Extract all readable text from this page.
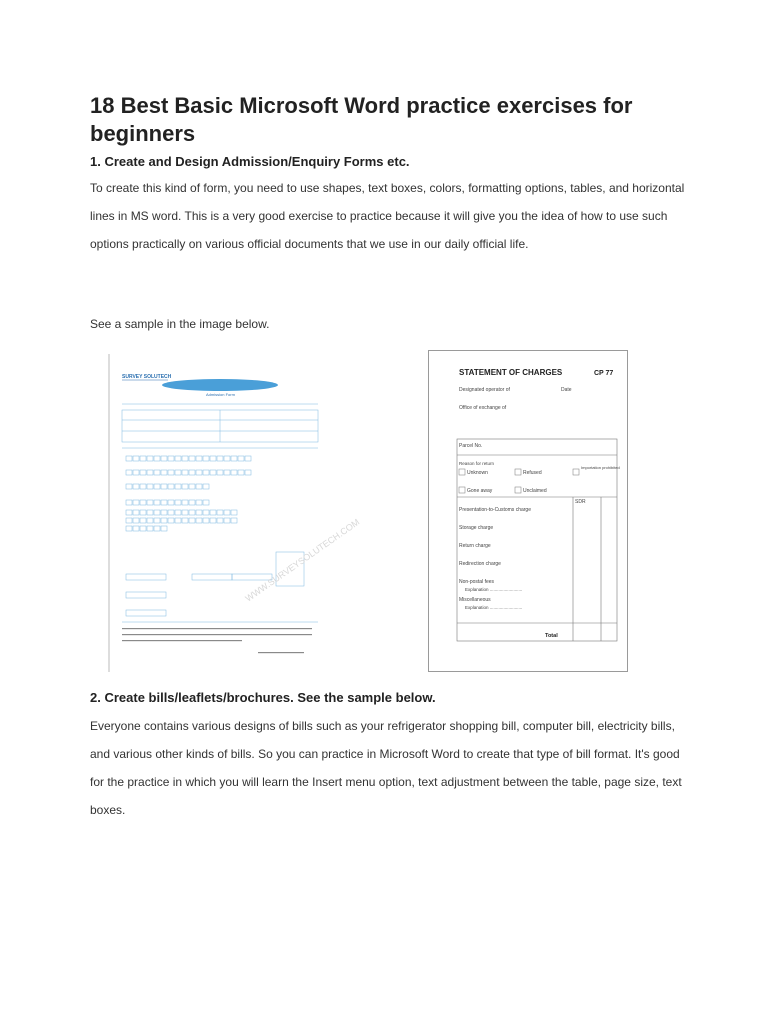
18 Best Basic Microsoft Word practice exercises for beginners
1. Create and Design Admission/Enquiry Forms etc.

To create this kind of form, you need to use shapes, text boxes, colors, formatting options, tables, and horizontal lines in MS word. This is a very good exercise to practice because it will give you the idea of how to use such options practically on various official documents that we use in our daily official life.

See a sample in the image below.

2. Create bills/leaflets/brochures. See the sample below.

Everyone contains various designs of bills such as your refrigerator shopping bill, computer bill, electricity bills, and various other kinds of bills. So you can practice in Microsoft Word to create that type of bill format. It's good for the practice in which you will learn the Insert menu option, text adjustment between the table, page size, text boxes.

SURVEY SOLUTECH
Admission Form
WWW.SURVEYSOLUTECH.COM
STATEMENT OF CHARGES	CP 77
Designated operator of	Date
Office of exchange of
Parcel No.
Reason for return
Unknown	Refused
Importation prohibited
Gone away	Unclaimed
SDR
Presentation-to-Customs charge
Storage charge
Return charge
Redirection charge
Non-postal fees
Explanation ..........................
Miscellaneous
Explanation ..........................
Total
